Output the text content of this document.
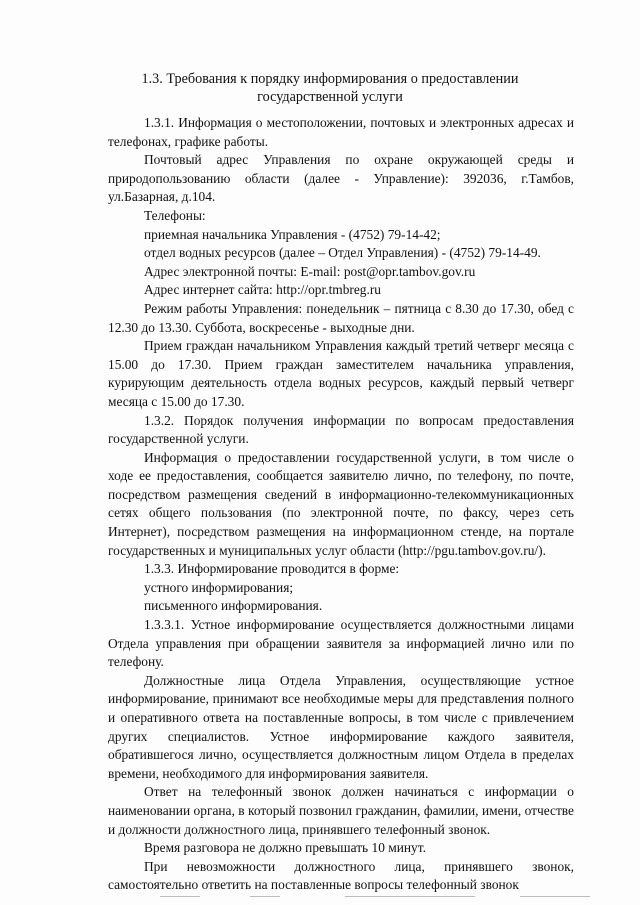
1.3. Требования к порядку информирования о предоставлении государственной услуги

1.3.1. Информация о местоположении, почтовых и электронных адресах и телефонах, графике работы.

Почтовый адрес Управления по охране окружающей среды и природопользованию области (далее - Управление): 392036, г.Тамбов, ул.Базарная, д.104.

Телефоны:

приемная начальника Управления - (4752) 79-14-42;

отдел водных ресурсов (далее – Отдел Управления) - (4752) 79-14-49.

Адрес электронной почты: E-mail: post@opr.tambov.gov.ru

Адрес интернет сайта: http://opr.tmbreg.ru

Режим работы Управления: понедельник – пятница с 8.30 до 17.30, обед с 12.30 до 13.30. Суббота, воскресенье - выходные дни.

Прием граждан начальником Управления каждый третий четверг месяца с 15.00 до 17.30. Прием граждан заместителем начальника управления, курирующим деятельность отдела водных ресурсов, каждый первый четверг месяца с 15.00 до 17.30.

1.3.2. Порядок получения информации по вопросам предоставления государственной услуги.

Информация о предоставлении государственной услуги, в том числе о ходе ее предоставления, сообщается заявителю лично, по телефону, по почте, посредством размещения сведений в информационно-телекоммуникационных сетях общего пользования (по электронной почте, по факсу, через сеть Интернет), посредством размещения на информационном стенде, на портале государственных и муниципальных услуг области (http://pgu.tambov.gov.ru/).

1.3.3. Информирование проводится в форме:

устного информирования;

письменного информирования.

1.3.3.1. Устное информирование осуществляется должностными лицами Отдела управления при обращении заявителя за информацией лично или по телефону.

Должностные лица Отдела Управления, осуществляющие устное информирование, принимают все необходимые меры для представления полного и оперативного ответа на поставленные вопросы, в том числе с привлечением других специалистов. Устное информирование каждого заявителя, обратившегося лично, осуществляется должностным лицом Отдела в пределах времени, необходимого для информирования заявителя.

Ответ на телефонный звонок должен начинаться с информации о наименовании органа, в который позвонил гражданин, фамилии, имени, отчестве и должности должностного лица, принявшего телефонный звонок.

Время разговора не должно превышать 10 минут.

При невозможности должностного лица, принявшего звонок, самостоятельно ответить на поставленные вопросы телефонный звонок
